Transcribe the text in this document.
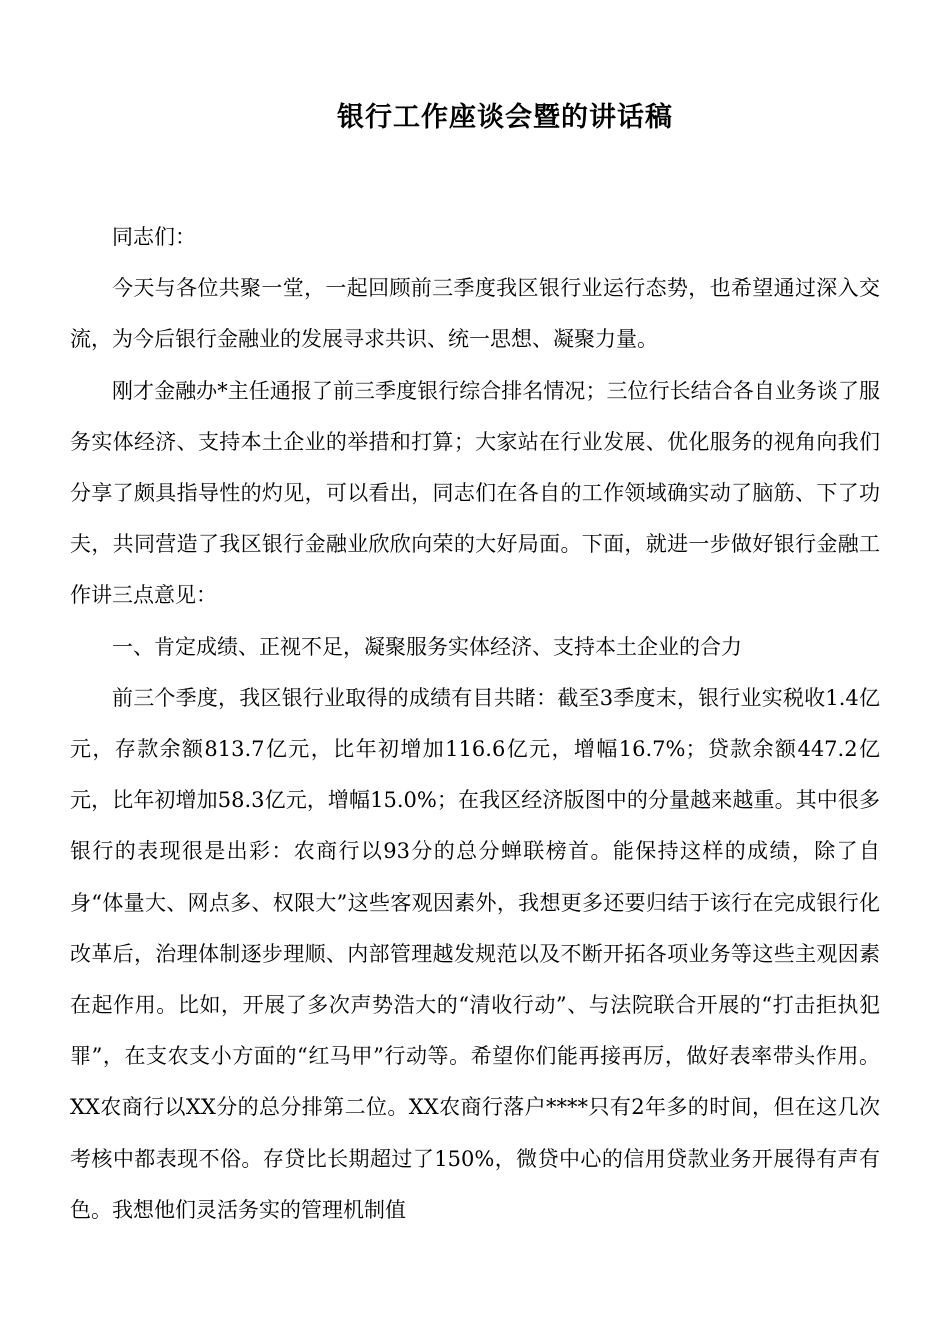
银行工作座谈会暨的讲话稿

同志们：

今天与各位共聚一堂，一起回顾前三季度我区银行业运行态势，也希望通过深入交流，为今后银行金融业的发展寻求共识、统一思想、凝聚力量。

刚才金融办*主任通报了前三季度银行综合排名情况；三位行长结合各自业务谈了服务实体经济、支持本土企业的举措和打算；大家站在行业发展、优化服务的视角向我们分享了颇具指导性的灼见，可以看出，同志们在各自的工作领域确实动了脑筋、下了功夫，共同营造了我区银行金融业欣欣向荣的大好局面。下面，就进一步做好银行金融工作讲三点意见：

一、肯定成绩、正视不足，凝聚服务实体经济、支持本土企业的合力

前三个季度，我区银行业取得的成绩有目共睹：截至3季度末，银行业实税收1.4亿元，存款余额813.7亿元，比年初增加116.6亿元，增幅16.7%；贷款余额447.2亿元，比年初增加58.3亿元，增幅15.0%；在我区经济版图中的分量越来越重。其中很多银行的表现很是出彩：农商行以93分的总分蝉联榜首。能保持这样的成绩，除了自身“体量大、网点多、权限大”这些客观因素外，我想更多还要归结于该行在完成银行化改革后，治理体制逐步理顺、内部管理越发规范以及不断开拓各项业务等这些主观因素在起作用。比如，开展了多次声势浩大的“清收行动”、与法院联合开展的“打击拒执犯罪”，在支农支小方面的“红马甲”行动等。希望你们能再接再厉，做好表率带头作用。XX农商行以XX分的总分排第二位。XX农商行落户****只有2年多的时间，但在这几次考核中都表现不俗。存贷比长期超过了150%，微贷中心的信用贷款业务开展得有声有色。我想他们灵活务实的管理机制值
